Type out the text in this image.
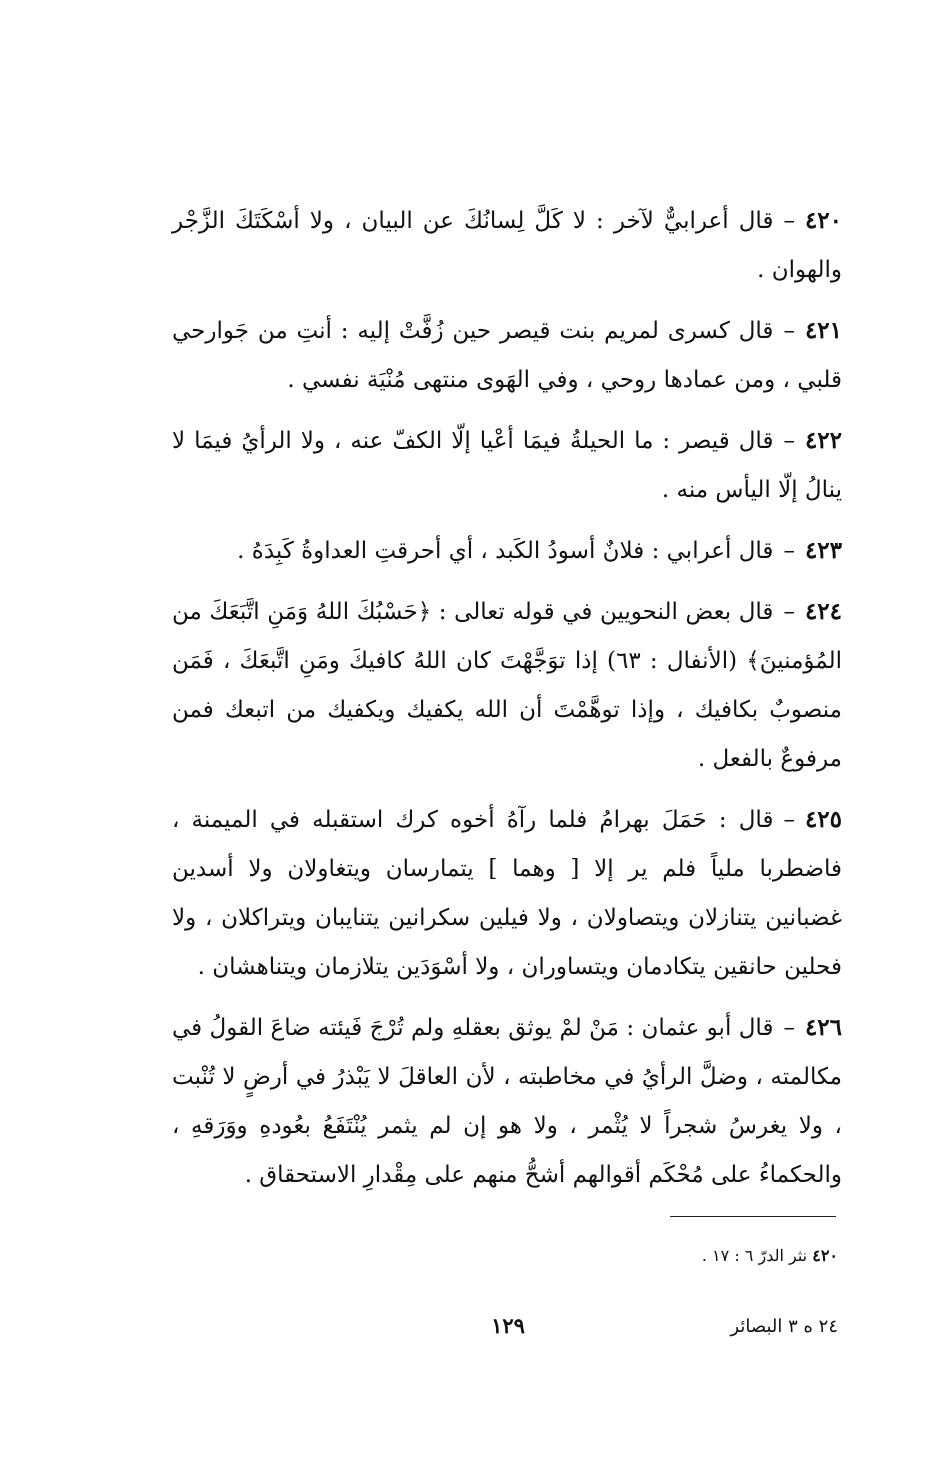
٤٢٠–قال أعرابيٌّ لآخر : لا كَلَّ لِسانُكَ عن البيان ، ولا أسْكَتَكَ الزَّجْر والهوان .

٤٢١–قال كسرى لمريم بنت قيصر حين زُفَّتْ إليه : أنتِ من جَوارحي قلبي ، ومن عمادها روحي ، وفي الهَوى منتهى مُنْيَة نفسي .

٤٢٢–قال قيصر : ما الحيلةُ فيمَا أعْيا إلّا الكفّ عنه ، ولا الرأيُ فيمَا لا ينالُ إلّا اليأس منه .

٤٢٣–قال أعرابي : فلانٌ أسودُ الكَبد ، أي أحرقتِ العداوةُ كَبِدَهُ .

٤٢٤–قال بعض النحويين في قوله تعالى : ﴿حَسْبُكَ اللهُ وَمَنِ اتَّبَعَكَ من المُؤمنينَ﴾ (الأنفال : ٦٣) إذا توَجَّهْتَ كان اللهُ كافيكَ ومَنِ اتَّبعَكَ ، فَمَن منصوبٌ بكافيك ، وإذا توهَّمْتَ أن الله يكفيك ويكفيك من اتبعك فمن مرفوعٌ بالفعل .

٤٢٥–قال : حَمَلَ بهرامُ فلما رآهُ أخوه كرك استقبله في الميمنة ، فاضطربا ملياً فلم ير إلا [ وهما ] يتمارسان ويتغاولان ولا أسدين غضبانين يتنازلان ويتصاولان ، ولا فيلين سكرانين يتنايبان ويتراكلان ، ولا فحلين حانقين يتكادمان ويتساوران ، ولا أسْوَدَين يتلازمان ويتناهشان .

٤٢٦–قال أبو عثمان : مَنْ لمْ يوثق بعقلهِ ولم تُرْجَ فَيئته ضاعَ القولُ في مكالمته ، وضلَّ الرأيُ في مخاطبته ، لأن العاقلَ لا يَبْذرُ في أرضٍ لا تُنْبت ، ولا يغرسُ شجراً لا يُثْمر ، ولا هو إن لم يثمر يُنْتَفَعُ بعُودهِ ووَرَقهِ ، والحكماءُ على مُحْكَم أقوالهم أشحُّ منهم على مِقْدارِ الاستحقاق .

٤٢٠ نثر الدرّ ٦ : ١٧ .
١٢٩	٢٤ ه ٣ البصائر
